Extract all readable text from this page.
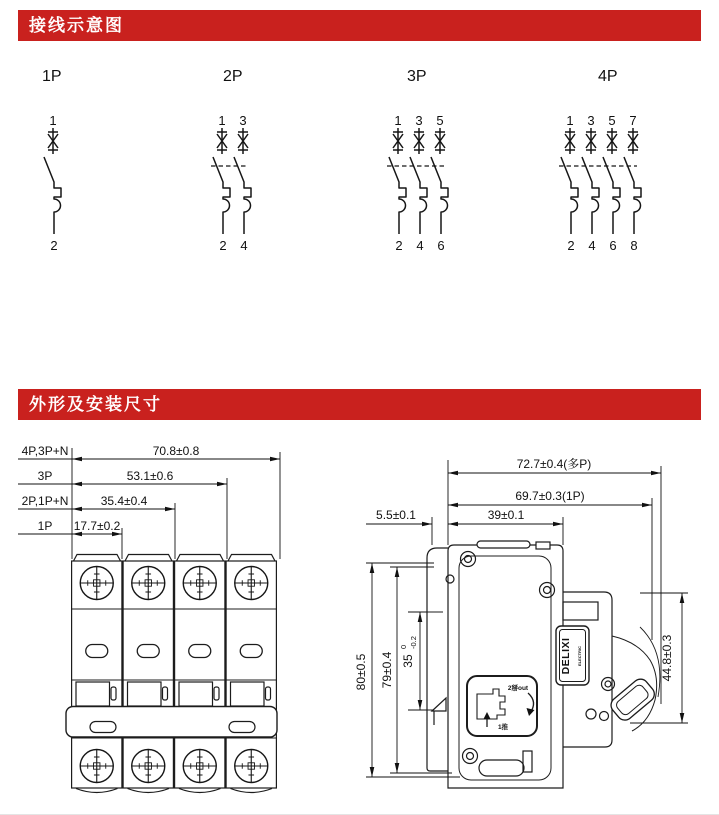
接线示意图
外形及安装尺寸
1P
1
2
2P
1 3
2 4
3P
1 3 5
2 4 6
4P
1 3 5 7
2 4 6 8
4P,3P+N
3P
2P,1P+N
1P
70.8±0.8
53.1±0.6
35.4±0.4
17.7±0.2
72.7±0.4(多P)
69.7±0.3(1P)
5.5±0.1	39±0.1
80±0.5 79±0.4 35
0 -0.2	44.8±0.3
DELIXI ELECTRIC
2掰out
1推
